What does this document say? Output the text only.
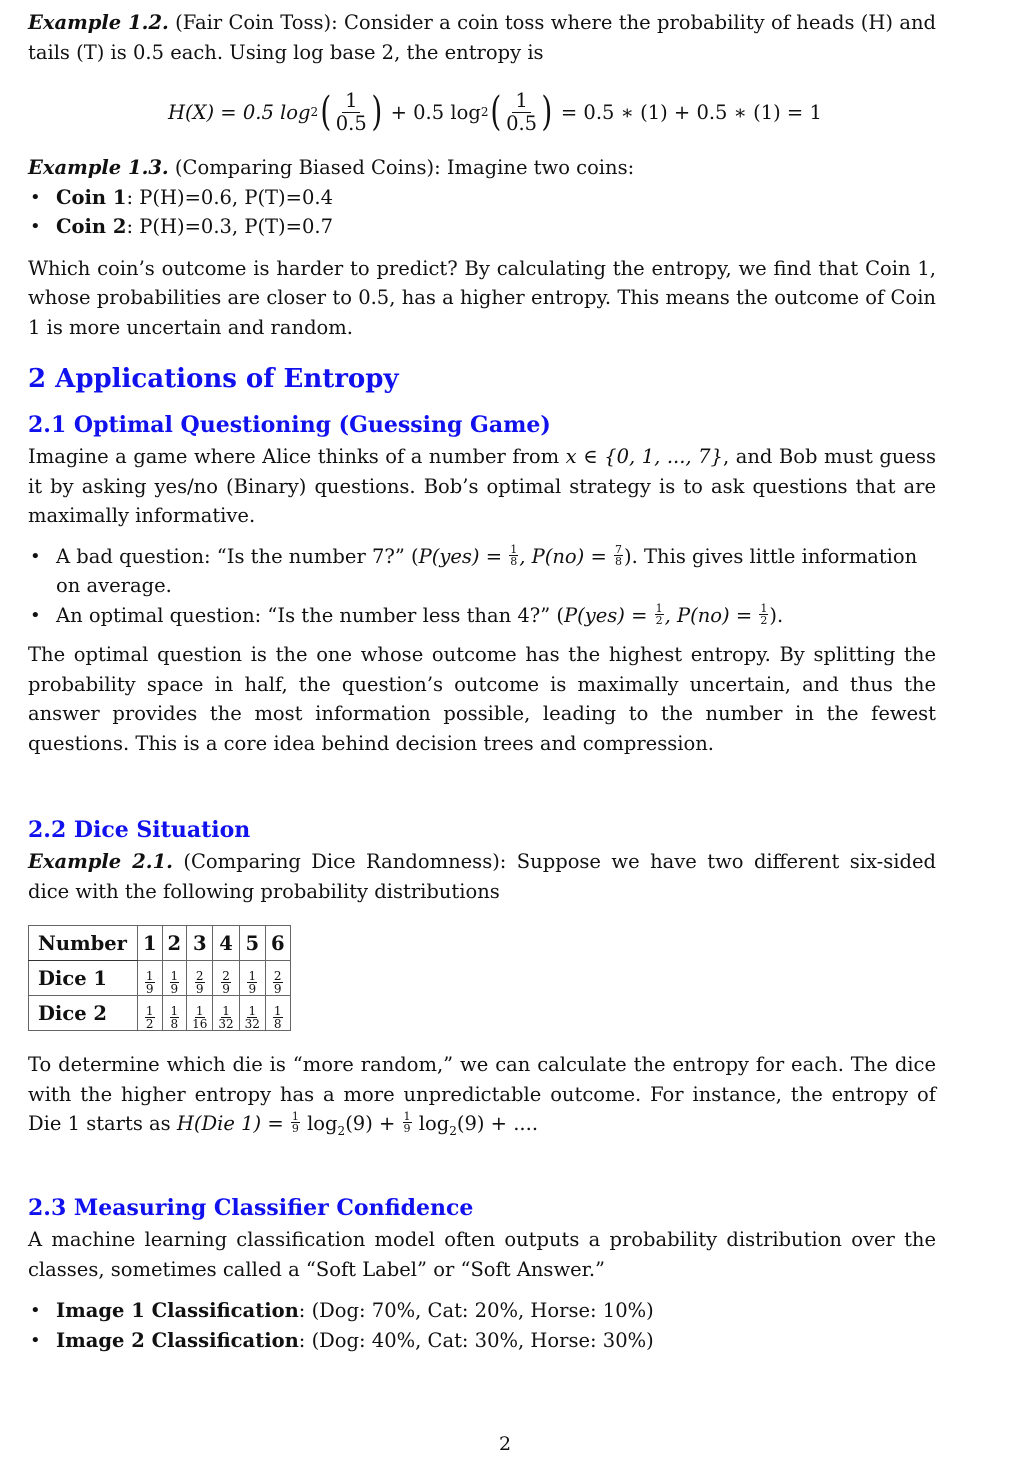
Example 1.2. (Fair Coin Toss): Consider a coin toss where the probability of heads (H) and tails (T) is 0.5 each. Using log base 2, the entropy is

H(X) = 0.5 log 2 ( $\frac{1}{0.5}$ )
+ 0.5 log 2 ( $\frac{1}{0.5}$ )
= 0.5 ∗ (1) + 0.5 ∗ (1) = 1

Example 1.3. (Comparing Biased Coins): Imagine two coins:

• Coin 1: P(H)=0.6, P(T)=0.4
• Coin 2: P(H)=0.3, P(T)=0.7

Which coin’s outcome is harder to predict? By calculating the entropy, we find that Coin 1, whose probabilities are closer to 0.5, has a higher entropy. This means the outcome of Coin 1 is more uncertain and random.

2 Applications of Entropy
2.1 Optimal Questioning (Guessing Game)

Imagine a game where Alice thinks of a number from x ∈ {0, 1, ..., 7}, and Bob must guess it by asking yes/no (Binary) questions. Bob’s optimal strategy is to ask questions that are maximally informative.

• A bad question: “Is the number 7?” ($P(yes) = \frac{1}{8}$ , $P(no) = \frac{7}{8}$ ). This gives little information on average.
• An optimal question: “Is the number less than 4?” ($P(yes) = \frac{1}{2}$ , $P(no) = \frac{1}{2}$ ).

The optimal question is the one whose outcome has the highest entropy. By splitting the probability space in half, the question’s outcome is maximally uncertain, and thus the answer provides the most information possible, leading to the number in the fewest questions. This is a core idea behind decision trees and compression.

2.2 Dice Situation

Example 2.1. (Comparing Dice Randomness): Suppose we have two different six-sided dice with the following probability distributions

Number	1	2	3	4	5	6
Dice 1	$\frac{1}{9}$	$\frac{1}{9}$	$\frac{2}{9}$	$\frac{2}{9}$	$\frac{1}{9}$	$\frac{2}{9}$

Dice 2	$\frac{1}{2}$	$\frac{1}{8}$	$\frac{1}{16}$	$\frac{1}{32}$	$\frac{1}{32}$	$\frac{1}{8}$

To determine which die is “more random,” we can calculate the entropy for each. The dice with the higher entropy has a more unpredictable outcome. For instance, the entropy of Die 1 starts as H(Die $1) = \frac{1}{9} \log_2(9) + \frac{1}{9} \log_2(9)$ + ....

2.3 Measuring Classifier Confidence

A machine learning classification model often outputs a probability distribution over the classes, sometimes called a “Soft Label” or “Soft Answer.”

• Image 1 Classification: (Dog: 70%, Cat: 20%, Horse: 10%)
• Image 2 Classification: (Dog: 40%, Cat: 30%, Horse: 30%)
2
